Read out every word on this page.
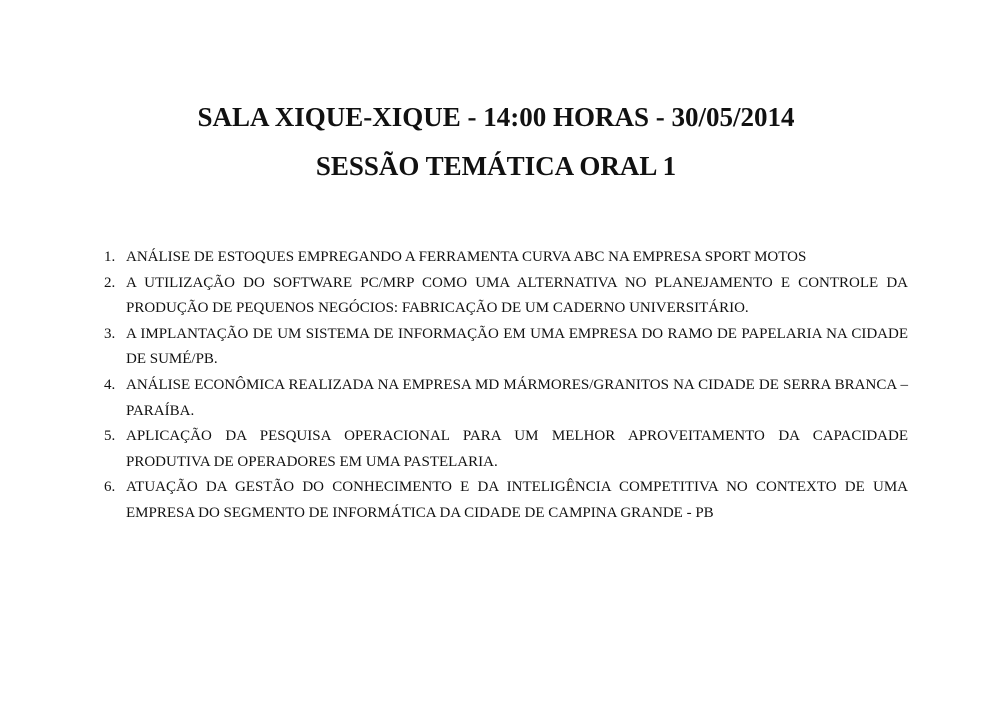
SALA XIQUE-XIQUE - 14:00 HORAS - 30/05/2014
SESSÃO TEMÁTICA ORAL 1
1. ANÁLISE DE ESTOQUES EMPREGANDO A FERRAMENTA CURVA ABC NA EMPRESA SPORT MOTOS
2. A UTILIZAÇÃO DO SOFTWARE PC/MRP COMO UMA ALTERNATIVA NO PLANEJAMENTO E CONTROLE DA PRODUÇÃO DE PEQUENOS NEGÓCIOS: FABRICAÇÃO DE UM CADERNO UNIVERSITÁRIO.
3. A IMPLANTAÇÃO DE UM SISTEMA DE INFORMAÇÃO EM UMA EMPRESA DO RAMO DE PAPELARIA NA CIDADE DE SUMÉ/PB.
4. ANÁLISE ECONÔMICA REALIZADA NA EMPRESA MD MÁRMORES/GRANITOS NA CIDADE DE SERRA BRANCA – PARAÍBA.
5. APLICAÇÃO DA PESQUISA OPERACIONAL PARA UM MELHOR APROVEITAMENTO DA CAPACIDADE PRODUTIVA DE OPERADORES EM UMA PASTELARIA.
6. ATUAÇÃO DA GESTÃO DO CONHECIMENTO E DA INTELIGÊNCIA COMPETITIVA NO CONTEXTO DE UMA EMPRESA DO SEGMENTO DE INFORMÁTICA DA CIDADE DE CAMPINA GRANDE - PB
